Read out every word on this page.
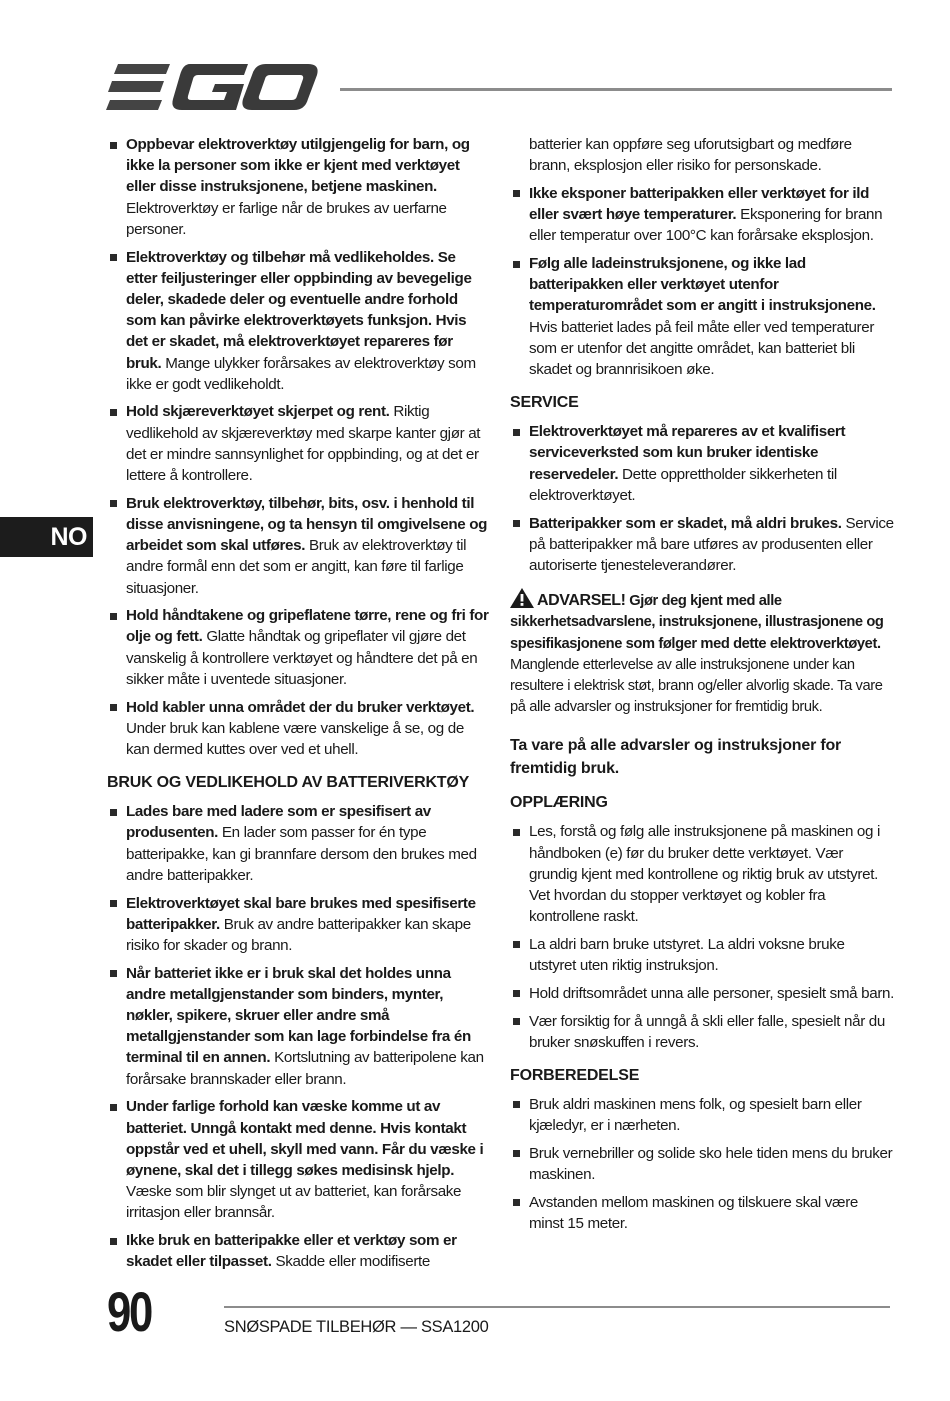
NO
Oppbevar elektroverktøy utilgjengelig for barn, og ikke la personer som ikke er kjent med verktøyet eller disse instruksjonene, betjene maskinen. Elektroverktøy er farlige når de brukes av uerfarne personer.
Elektroverktøy og tilbehør må vedlikeholdes. Se etter feiljusteringer eller oppbinding av bevegelige deler, skadede deler og eventuelle andre forhold som kan påvirke elektroverktøyets funksjon. Hvis det er skadet, må elektroverktøyet repareres før bruk. Mange ulykker forårsakes av elektroverktøy som ikke er godt vedlikeholdt.
Hold skjæreverktøyet skjerpet og rent. Riktig vedlikehold av skjæreverktøy med skarpe kanter gjør at det er mindre sannsynlighet for oppbinding, og at det er lettere å kontrollere.
Bruk elektroverktøy, tilbehør, bits, osv. i henhold til disse anvisningene, og ta hensyn til omgivelsene og arbeidet som skal utføres. Bruk av elektroverktøy til andre formål enn det som er angitt, kan føre til farlige situasjoner.
Hold håndtakene og gripeflatene tørre, rene og fri for olje og fett. Glatte håndtak og gripeflater vil gjøre det vanskelig å kontrollere verktøyet og håndtere det på en sikker måte i uventede situasjoner.
Hold kabler unna området der du bruker verktøyet. Under bruk kan kablene være vanskelige å se, og de kan dermed kuttes over ved et uhell.
BRUK OG VEDLIKEHOLD AV BATTERIVERKTØY
Lades bare med ladere som er spesifisert av produsenten. En lader som passer for én type batteripakke, kan gi brannfare dersom den brukes med andre batteripakker.
Elektroverktøyet skal bare brukes med spesifiserte batteripakker. Bruk av andre batteripakker kan skape risiko for skader og brann.
Når batteriet ikke er i bruk skal det holdes unna andre metallgjenstander som binders, mynter, nøkler, spikere, skruer eller andre små metallgjenstander som kan lage forbindelse fra én terminal til en annen. Kortslutning av batteripolene kan forårsake brannskader eller brann.
Under farlige forhold kan væske komme ut av batteriet. Unngå kontakt med denne. Hvis kontakt oppstår ved et uhell, skyll med vann. Får du væske i øynene, skal det i tillegg søkes medisinsk hjelp. Væske som blir slynget ut av batteriet, kan forårsake irritasjon eller brannsår.
Ikke bruk en batteripakke eller et verktøy som er skadet eller tilpasset. Skadde eller modifiserte
batterier kan oppføre seg uforutsigbart og medføre brann, eksplosjon eller risiko for personskade.
Ikke eksponer batteripakken eller verktøyet for ild eller svært høye temperaturer. Eksponering for brann eller temperatur over 100°C kan forårsake eksplosjon.
Følg alle ladeinstruksjonene, og ikke lad batteripakken eller verktøyet utenfor temperaturområdet som er angitt i instruksjonene. Hvis batteriet lades på feil måte eller ved temperaturer som er utenfor det angitte området, kan batteriet bli skadet og brannrisikoen øke.
SERVICE
Elektroverktøyet må repareres av et kvalifisert serviceverksted som kun bruker identiske reservedeler. Dette opprettholder sikkerheten til elektroverktøyet.
Batteripakker som er skadet, må aldri brukes. Service på batteripakker må bare utføres av produsenten eller autoriserte tjenesteleverandører.
ADVARSEL! Gjør deg kjent med alle sikkerhetsadvarslene, instruksjonene, illustrasjonene og spesifikasjonene som følger med dette elektroverktøyet. Manglende etterlevelse av alle instruksjonene under kan resultere i elektrisk støt, brann og/eller alvorlig skade. Ta vare på alle advarsler og instruksjoner for fremtidig bruk.
Ta vare på alle advarsler og instruksjoner for fremtidig bruk.
OPPLÆRING
Les, forstå og følg alle instruksjonene på maskinen og i håndboken (e) før du bruker dette verktøyet. Vær grundig kjent med kontrollene og riktig bruk av utstyret. Vet hvordan du stopper verktøyet og kobler fra kontrollene raskt.
La aldri barn bruke utstyret. La aldri voksne bruke utstyret uten riktig instruksjon.
Hold driftsområdet unna alle personer, spesielt små barn.
Vær forsiktig for å unngå å skli eller falle, spesielt når du bruker snøskuffen i revers.
FORBEREDELSE
Bruk aldri maskinen mens folk, og spesielt barn eller kjæledyr, er i nærheten.
Bruk vernebriller og solide sko hele tiden mens du bruker maskinen.
Avstanden mellom maskinen og tilskuere skal være minst 15 meter.
90	SNØSPADE TILBEHØR — SSA1200
